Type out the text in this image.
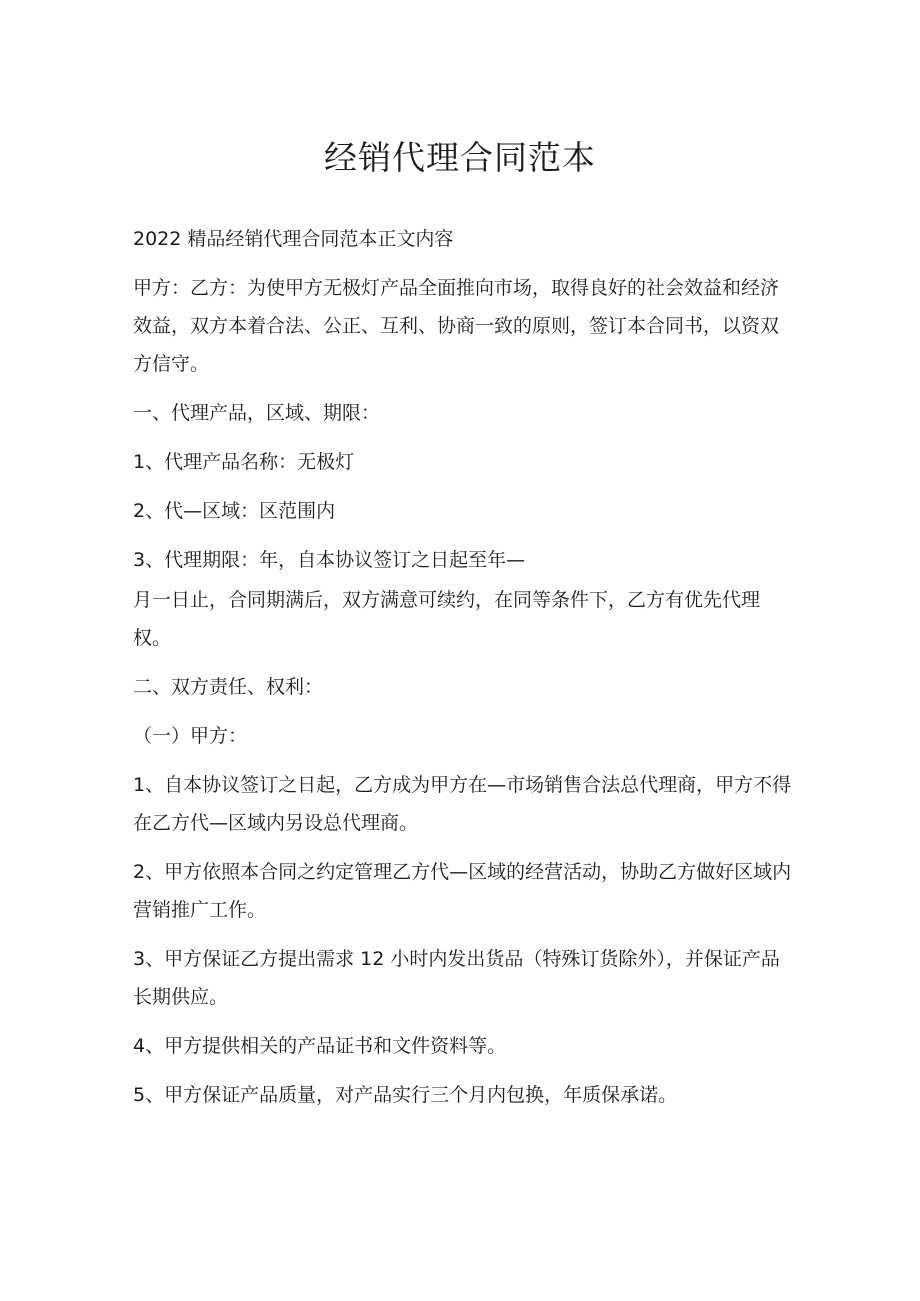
经销代理合同范本

2022 精品经销代理合同范本正文内容

甲方：乙方：为使甲方无极灯产品全面推向市场，取得良好的社会效益和经济效益，双方本着合法、公正、互利、协商一致的原则，签订本合同书，以资双方信守。

一、代理产品，区域、期限：

1、代理产品名称：无极灯

2、代—区域：区范围内

3、代理期限：年，自本协议签订之日起至年—

月一日止，合同期满后，双方满意可续约，在同等条件下，乙方有优先代理权。

二、双方责任、权利：

（一）甲方：

1、自本协议签订之日起，乙方成为甲方在—市场销售合法总代理商，甲方不得在乙方代—区域内另设总代理商。

2、甲方依照本合同之约定管理乙方代—区域的经营活动，协助乙方做好区域内营销推广工作。

3、甲方保证乙方提出需求 12 小时内发出货品（特殊订货除外），并保证产品长期供应。

4、甲方提供相关的产品证书和文件资料等。

5、甲方保证产品质量，对产品实行三个月内包换，年质保承诺。
